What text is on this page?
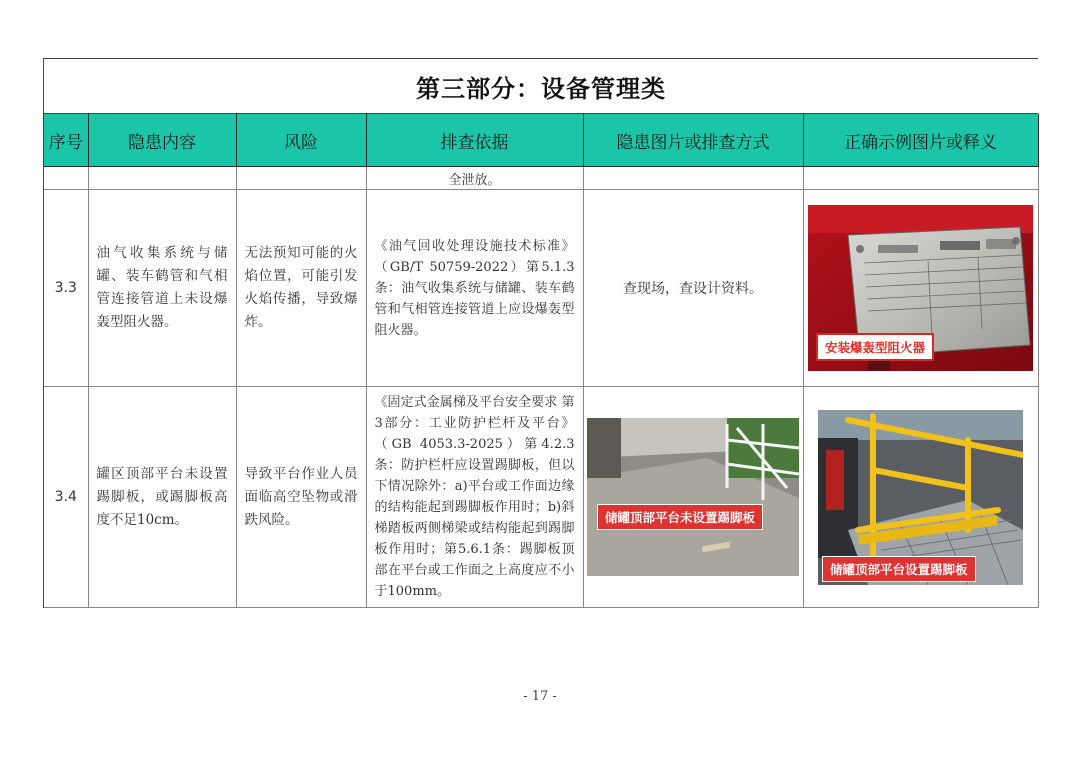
第三部分：设备管理类
序号	隐患内容	风险	排查依据	隐患图片或排查方式	正确示例图片或释义
			全泄放。		
3.3	油气收集系统与储罐、装车鹤管和气相管连接管道上未设爆轰型阻火器。	无法预知可能的火焰位置，可能引发火焰传播，导致爆炸。	《油气回收处理设施技术标准》（GB/T 50759-2022）第5.1.3条：油气收集系统与储罐、装车鹤管和气相管连接管道上应设爆轰型阻火器。	查现场，查设计资料。	安装爆轰型阻火器

3.4	罐区顶部平台未设置踢脚板，或踢脚板高度不足10cm。	导致平台作业人员面临高空坠物或滑跌风险。	《固定式金属梯及平台安全要求 第3部分：工业防护栏杆及平台》（GB 4053.3-2025）第4.2.3条：防护栏杆应设置踢脚板，但以下情况除外：a)平台或工作面边缘的结构能起到踢脚板作用时；b)斜梯踏板两侧梯梁或结构能起到踢脚板作用时；第5.6.1条：踢脚板顶部在平台或工作面之上高度应不小于100mm。	储罐顶部平台未设置踢脚板	储罐顶部平台设置踢脚板
- 17 -
